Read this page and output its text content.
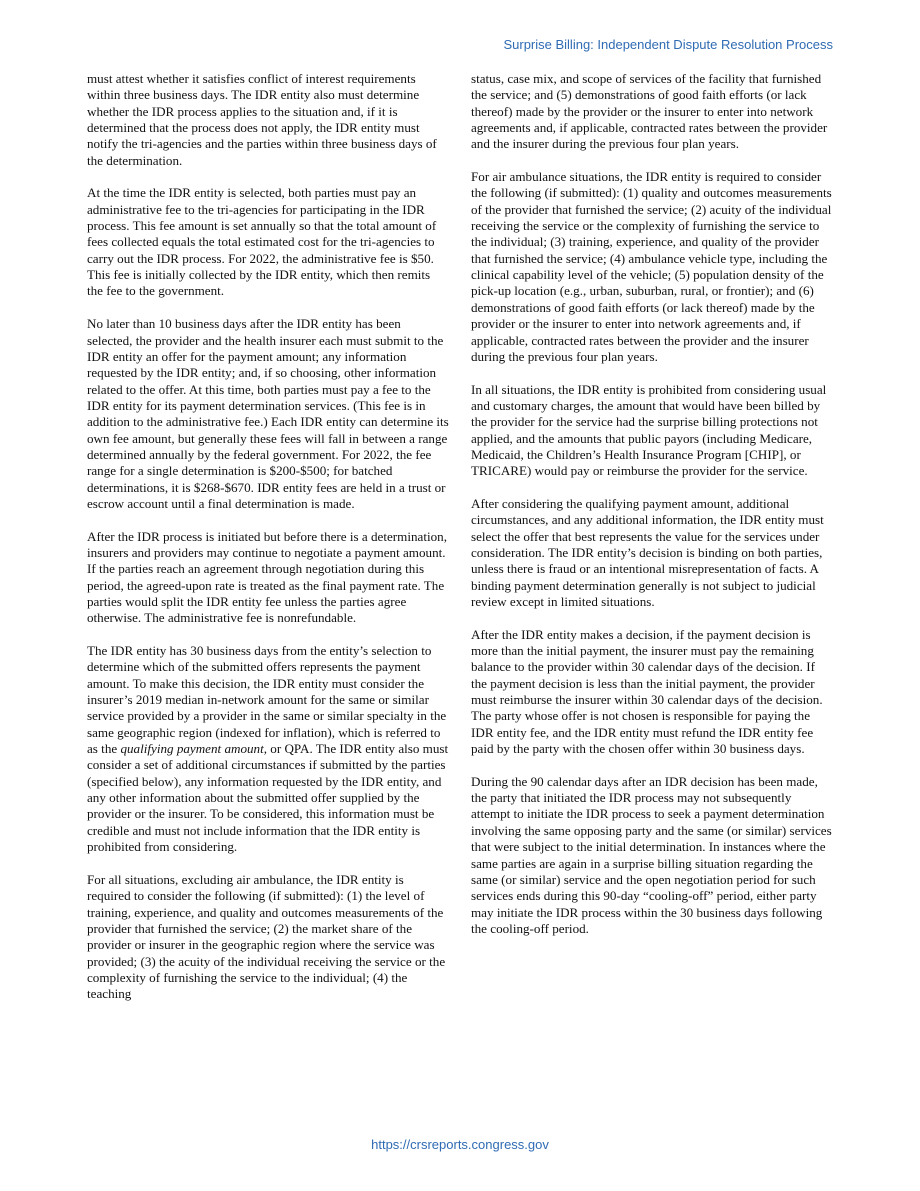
Surprise Billing: Independent Dispute Resolution Process

must attest whether it satisfies conflict of interest requirements within three business days. The IDR entity also must determine whether the IDR process applies to the situation and, if it is determined that the process does not apply, the IDR entity must notify the tri-agencies and the parties within three business days of the determination.

At the time the IDR entity is selected, both parties must pay an administrative fee to the tri-agencies for participating in the IDR process. This fee amount is set annually so that the total amount of fees collected equals the total estimated cost for the tri-agencies to carry out the IDR process. For 2022, the administrative fee is $50. This fee is initially collected by the IDR entity, which then remits the fee to the government.

No later than 10 business days after the IDR entity has been selected, the provider and the health insurer each must submit to the IDR entity an offer for the payment amount; any information requested by the IDR entity; and, if so choosing, other information related to the offer. At this time, both parties must pay a fee to the IDR entity for its payment determination services. (This fee is in addition to the administrative fee.) Each IDR entity can determine its own fee amount, but generally these fees will fall in between a range determined annually by the federal government. For 2022, the fee range for a single determination is $200-$500; for batched determinations, it is $268-$670. IDR entity fees are held in a trust or escrow account until a final determination is made.

After the IDR process is initiated but before there is a determination, insurers and providers may continue to negotiate a payment amount. If the parties reach an agreement through negotiation during this period, the agreed-upon rate is treated as the final payment rate. The parties would split the IDR entity fee unless the parties agree otherwise. The administrative fee is nonrefundable.

The IDR entity has 30 business days from the entity’s selection to determine which of the submitted offers represents the payment amount. To make this decision, the IDR entity must consider the insurer’s 2019 median in-network amount for the same or similar service provided by a provider in the same or similar specialty in the same geographic region (indexed for inflation), which is referred to as the qualifying payment amount, or QPA. The IDR entity also must consider a set of additional circumstances if submitted by the parties (specified below), any information requested by the IDR entity, and any other information about the submitted offer supplied by the provider or the insurer. To be considered, this information must be credible and must not include information that the IDR entity is prohibited from considering.

For all situations, excluding air ambulance, the IDR entity is required to consider the following (if submitted): (1) the level of training, experience, and quality and outcomes measurements of the provider that furnished the service; (2) the market share of the provider or insurer in the geographic region where the service was provided; (3) the acuity of the individual receiving the service or the complexity of furnishing the service to the individual; (4) the teaching

status, case mix, and scope of services of the facility that furnished the service; and (5) demonstrations of good faith efforts (or lack thereof) made by the provider or the insurer to enter into network agreements and, if applicable, contracted rates between the provider and the insurer during the previous four plan years.

For air ambulance situations, the IDR entity is required to consider the following (if submitted): (1) quality and outcomes measurements of the provider that furnished the service; (2) acuity of the individual receiving the service or the complexity of furnishing the service to the individual; (3) training, experience, and quality of the provider that furnished the service; (4) ambulance vehicle type, including the clinical capability level of the vehicle; (5) population density of the pick-up location (e.g., urban, suburban, rural, or frontier); and (6) demonstrations of good faith efforts (or lack thereof) made by the provider or the insurer to enter into network agreements and, if applicable, contracted rates between the provider and the insurer during the previous four plan years.

In all situations, the IDR entity is prohibited from considering usual and customary charges, the amount that would have been billed by the provider for the service had the surprise billing protections not applied, and the amounts that public payors (including Medicare, Medicaid, the Children’s Health Insurance Program [CHIP], or TRICARE) would pay or reimburse the provider for the service.

After considering the qualifying payment amount, additional circumstances, and any additional information, the IDR entity must select the offer that best represents the value for the services under consideration. The IDR entity’s decision is binding on both parties, unless there is fraud or an intentional misrepresentation of facts. A binding payment determination generally is not subject to judicial review except in limited situations.

After the IDR entity makes a decision, if the payment decision is more than the initial payment, the insurer must pay the remaining balance to the provider within 30 calendar days of the decision. If the payment decision is less than the initial payment, the provider must reimburse the insurer within 30 calendar days of the decision. The party whose offer is not chosen is responsible for paying the IDR entity fee, and the IDR entity must refund the IDR entity fee paid by the party with the chosen offer within 30 business days.

During the 90 calendar days after an IDR decision has been made, the party that initiated the IDR process may not subsequently attempt to initiate the IDR process to seek a payment determination involving the same opposing party and the same (or similar) services that were subject to the initial determination. In instances where the same parties are again in a surprise billing situation regarding the same (or similar) service and the open negotiation period for such services ends during this 90-day “cooling-off” period, either party may initiate the IDR process within the 30 business days following the cooling-off period.

https://crsreports.congress.gov
